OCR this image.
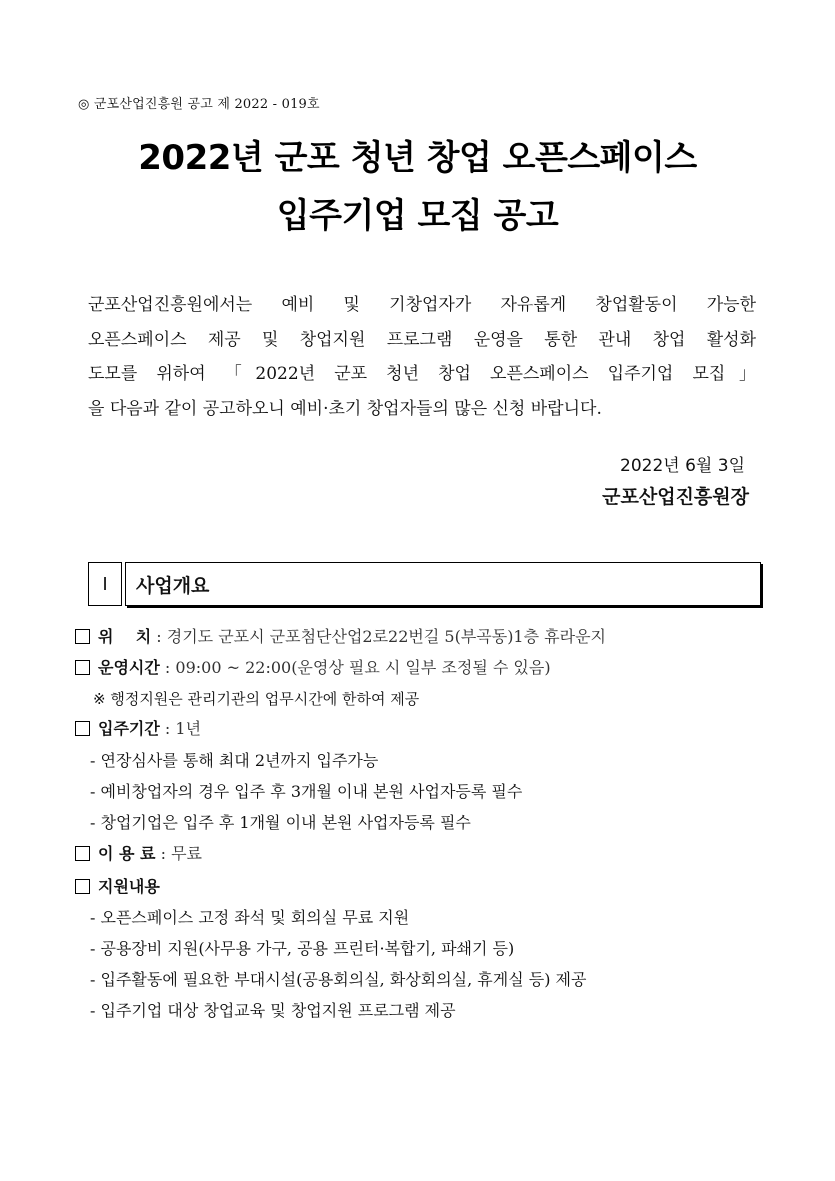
◎ 군포산업진흥원 공고 제 2022 - 019호
2022년 군포 청년 창업 오픈스페이스
입주기업 모집 공고
군포산업진흥원에서는 예비 및 기창업자가 자유롭게 창업활동이 가능한
오픈스페이스 제공 및 창업지원 프로그램 운영을 통한 관내 창업 활성화
도모를 위하여 「2022년 군포 청년 창업 오픈스페이스 입주기업 모집」
을 다음과 같이 공고하오니 예비·초기 창업자들의 많은 신청 바랍니다.
2022년 6월 3일
군포산업진흥원장
Ⅰ	사업개요
위    치 : 경기도 군포시 군포첨단산업2로22번길 5(부곡동)1층 휴라운지
운영시간 : 09:00 ~ 22:00(운영상 필요 시 일부 조정될 수 있음)
※ 행정지원은 관리기관의 업무시간에 한하여 제공
입주기간 : 1년
- 연장심사를 통해 최대 2년까지 입주가능
- 예비창업자의 경우 입주 후 3개월 이내 본원 사업자등록 필수
- 창업기업은 입주 후 1개월 이내 본원 사업자등록 필수
이 용 료 : 무료
지원내용
- 오픈스페이스 고정 좌석 및 회의실 무료 지원
- 공용장비 지원(사무용 가구, 공용 프린터·복합기, 파쇄기 등)
- 입주활동에 필요한 부대시설(공용회의실, 화상회의실, 휴게실 등) 제공
- 입주기업 대상 창업교육 및 창업지원 프로그램 제공
